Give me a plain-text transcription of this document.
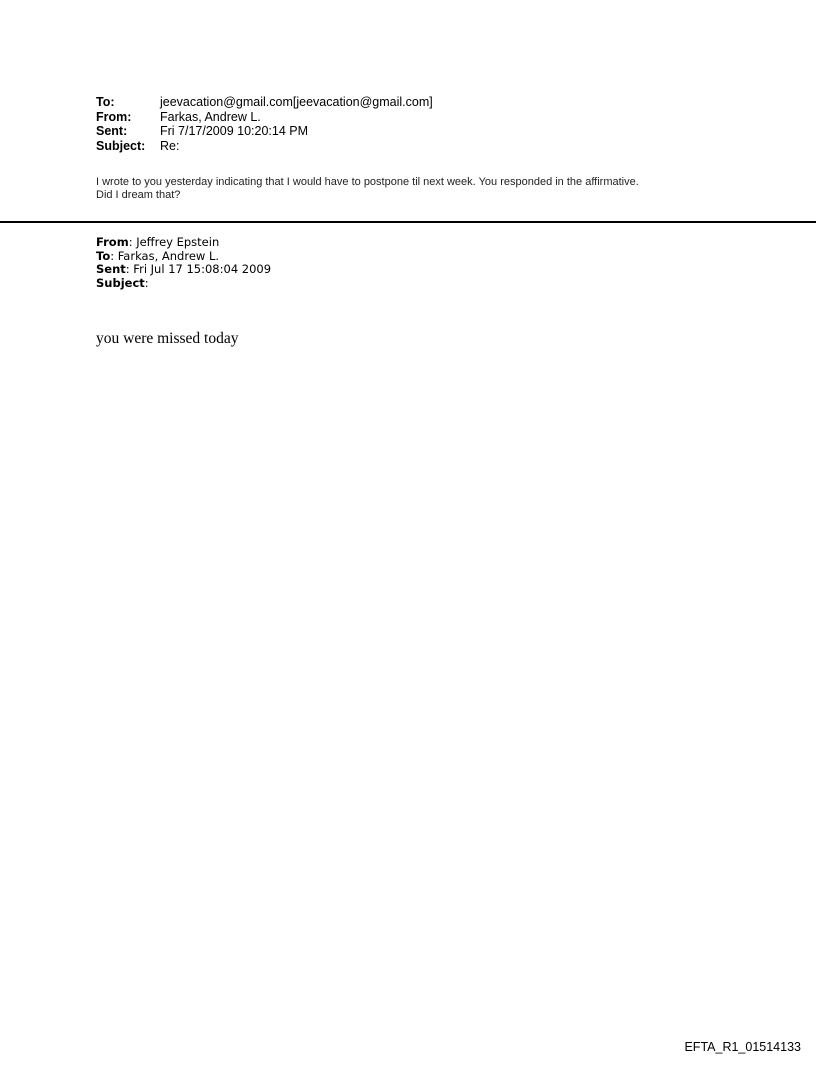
To:	jeevacation@gmail.com[jeevacation@gmail.com]
From:	Farkas, Andrew L.
Sent:	Fri 7/17/2009 10:20:14 PM
Subject:	Re:
I wrote to you yesterday indicating that I would have to postpone til next week. You responded in the affirmative.
Did I dream that?
From: Jeffrey Epstein
To: Farkas, Andrew L.
Sent: Fri Jul 17 15:08:04 2009
Subject:
you were missed today
EFTA_R1_01514133
